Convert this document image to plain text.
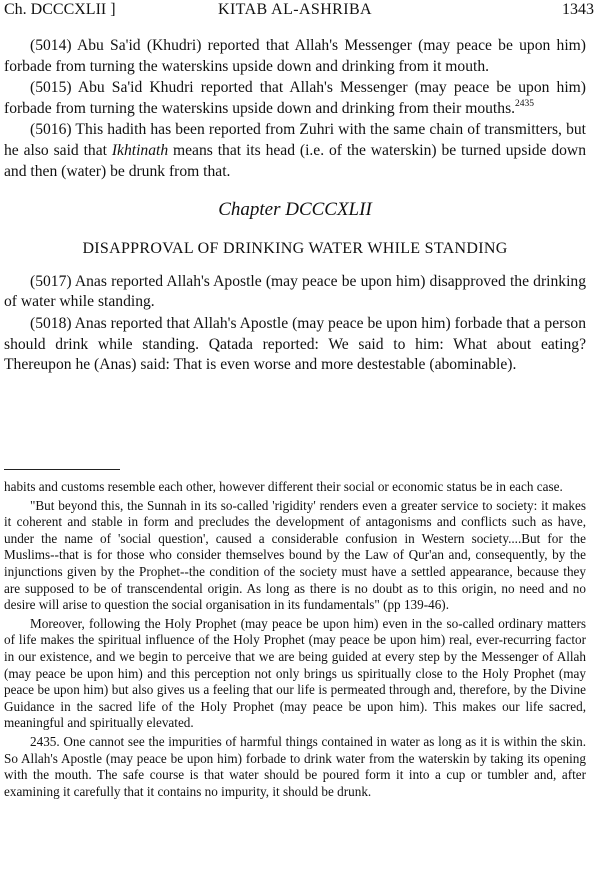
Ch. DCCCXLII ]	KITAB AL-ASHRIBA	1343

(5014) Abu Sa'id (Khudri) reported that Allah's Messenger (may peace be upon him) forbade from turning the waterskins upside down and drinking from it mouth.

(5015) Abu Sa'id Khudri reported that Allah's Messenger (may peace be upon him) forbade from turning the waterskins upside down and drinking from their mouths.$^{2435}$

(5016) This hadith has been reported from Zuhri with the same chain of transmitters, but he also said that Ikhtinath means that its head (i.e. of the waterskin) be turned upside down and then (water) be drunk from that.

Chapter DCCCXLII
DISAPPROVAL OF DRINKING WATER WHILE STANDING

(5017) Anas reported Allah's Apostle (may peace be upon him) disapproved the drinking of water while standing.

(5018) Anas reported that Allah's Apostle (may peace be upon him) forbade that a person should drink while standing. Qatada reported: We said to him: What about eating? Thereupon he (Anas) said: That is even worse and more destestable (abominable).

habits and customs resemble each other, however different their social or economic status be in each case.

"But beyond this, the Sunnah in its so-called 'rigidity' renders even a greater service to society: it makes it coherent and stable in form and precludes the development of antagonisms and conflicts such as have, under the name of 'social question', caused a considerable confusion in Western society....But for the Muslims--that is for those who consider themselves bound by the Law of Qur'an and, consequently, by the injunctions given by the Prophet--the condition of the society must have a settled appearance, because they are supposed to be of transcendental origin. As long as there is no doubt as to this origin, no need and no desire will arise to question the social organisation in its fundamentals" (pp 139-46).

Moreover, following the Holy Prophet (may peace be upon him) even in the so-called ordinary matters of life makes the spiritual influence of the Holy Prophet (may peace be upon him) real, ever-recurring factor in our existence, and we begin to perceive that we are being guided at every step by the Messenger of Allah (may peace be upon him) and this perception not only brings us spiritually close to the Holy Prophet (may peace be upon him) but also gives us a feeling that our life is permeated through and, therefore, by the Divine Guidance in the sacred life of the Holy Prophet (may peace be upon him). This makes our life sacred, meaningful and spiritually elevated.

2435. One cannot see the impurities of harmful things contained in water as long as it is within the skin. So Allah's Apostle (may peace be upon him) forbade to drink water from the waterskin by taking its opening with the mouth. The safe course is that water should be poured form it into a cup or tumbler and, after examining it carefully that it contains no impurity, it should be drunk.
